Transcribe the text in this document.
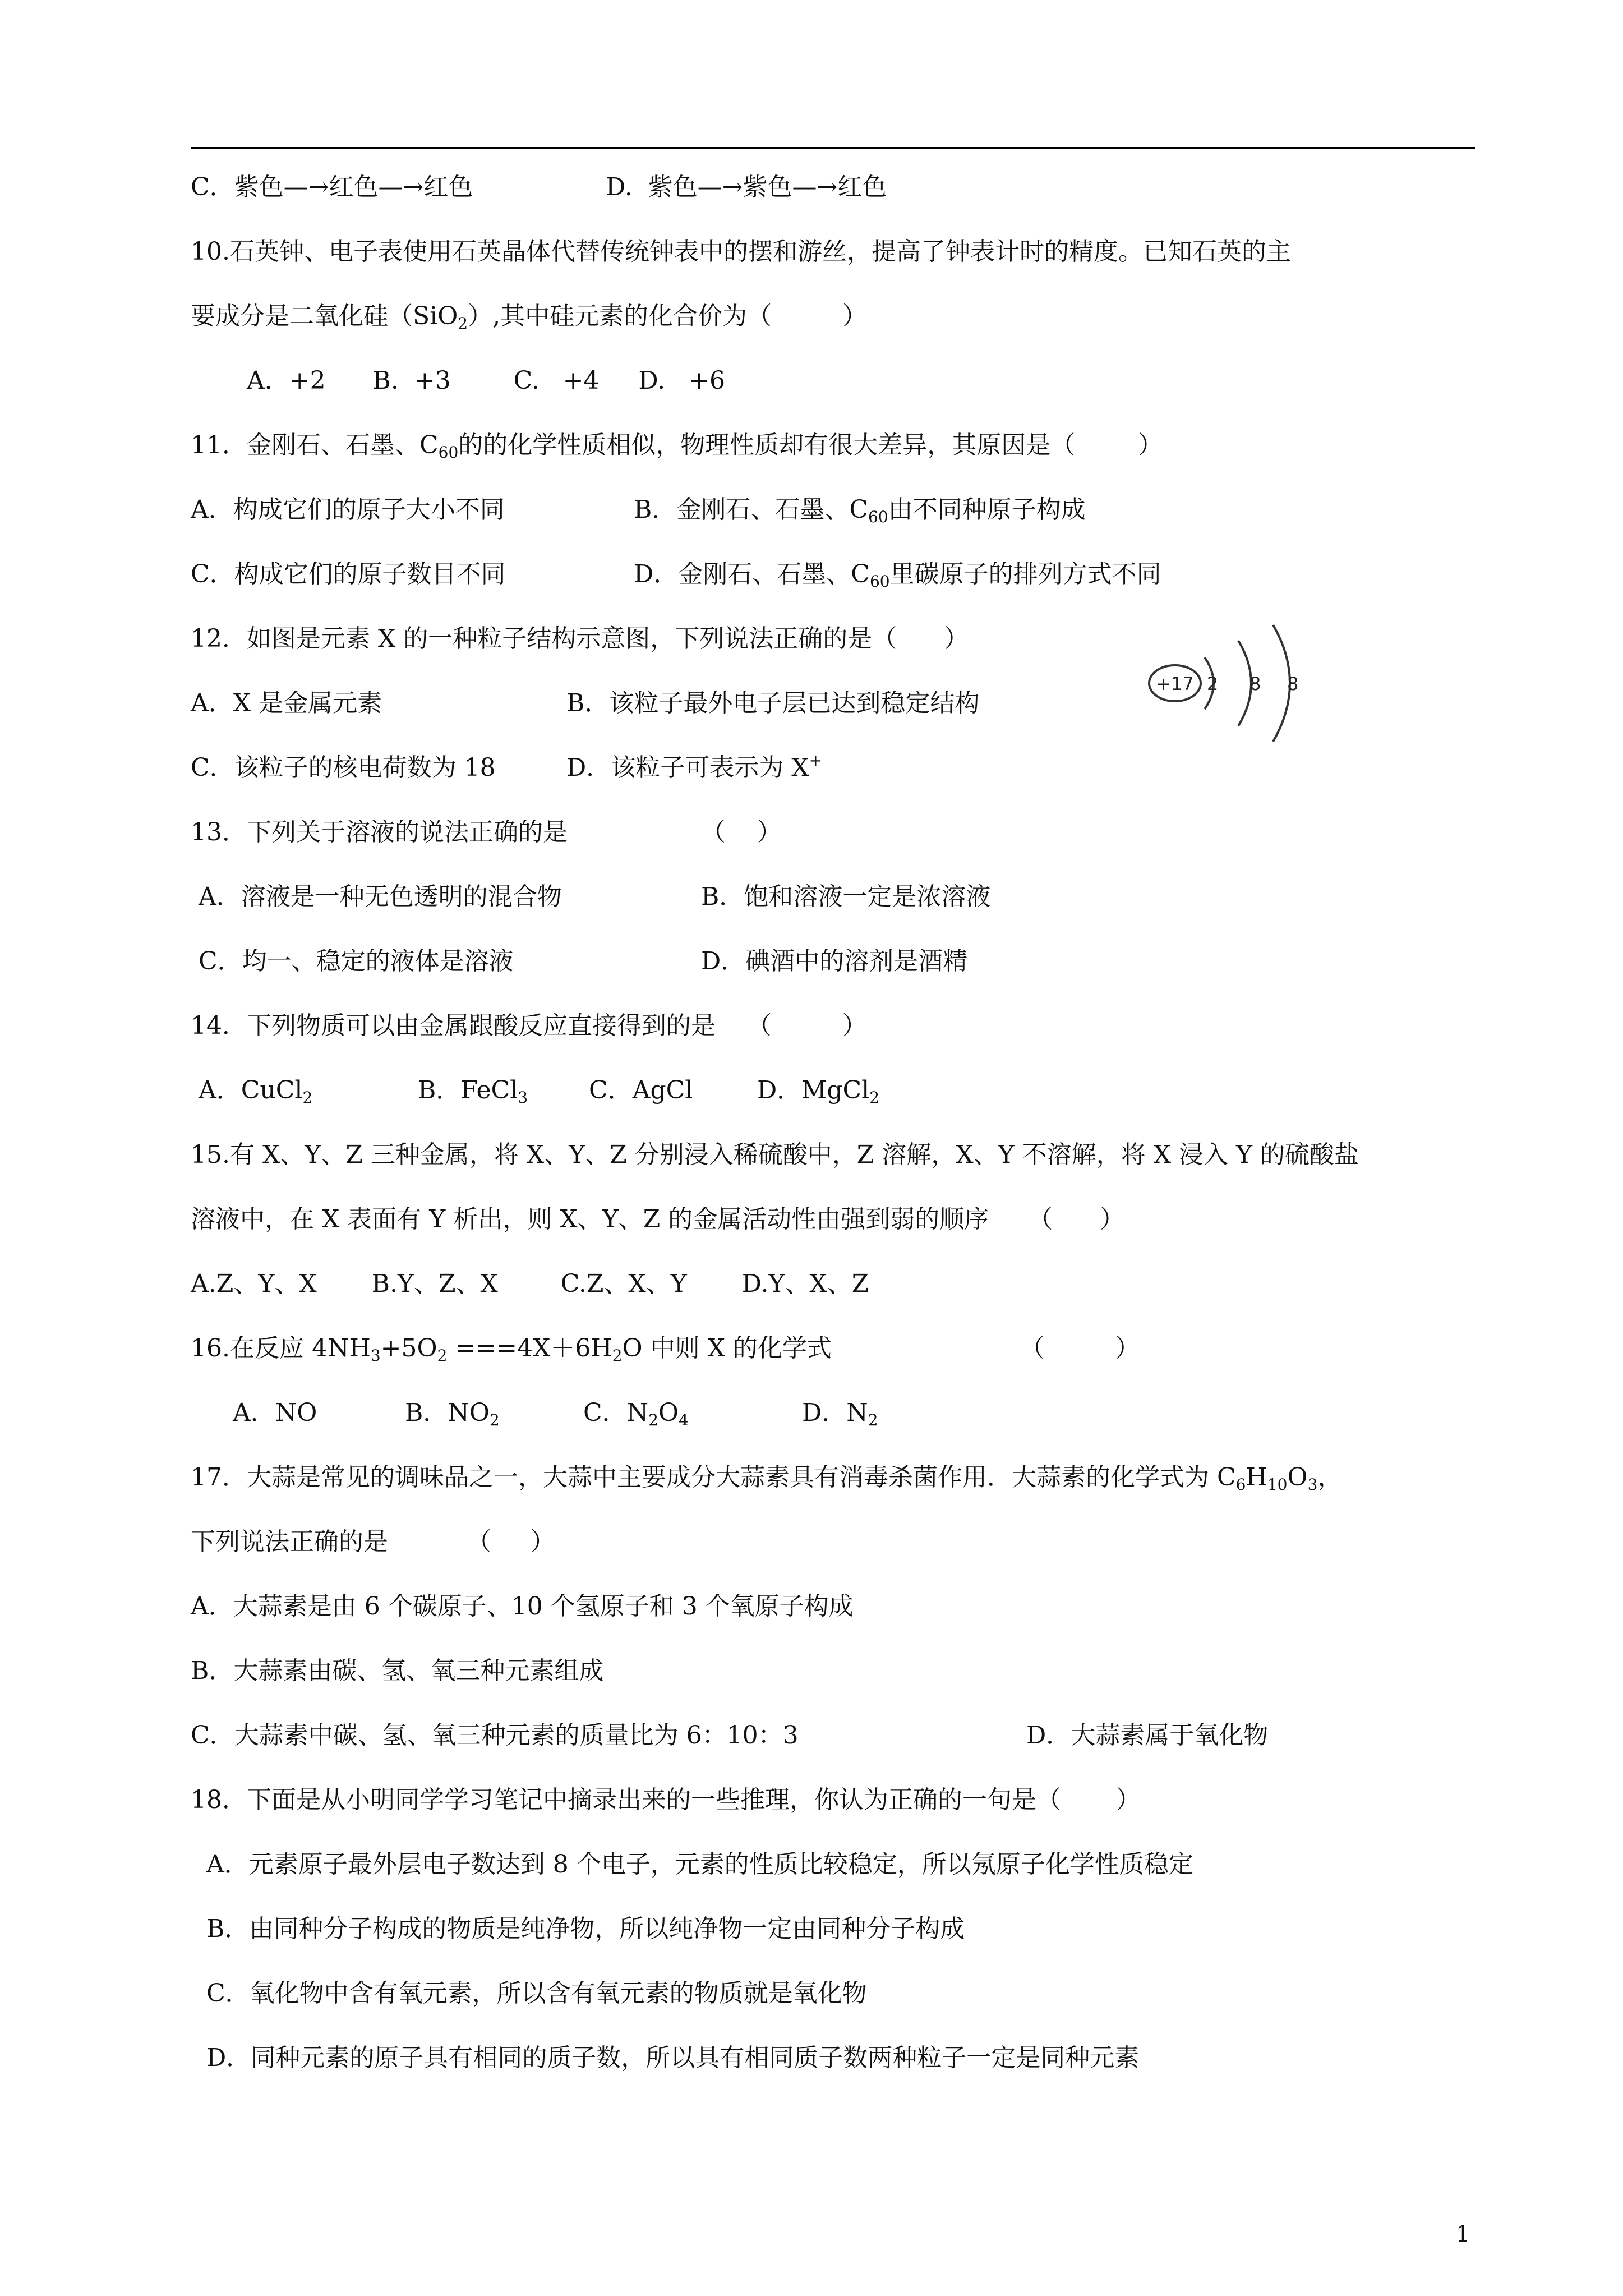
C．紫色—→红色—→红色

	D.  紫色—→紫色—→红色

10.石英钟、电子表使用石英晶体代替传统钟表中的摆和游丝，提高了钟表计时的精度。已知石英的主

要成分是二氧化硅（SiO$_2$）,其中硅元素的化合价为（         ）

A．+2      B.  +3        C.   +4     D.   +6

11．金刚石、石墨、$C_{60}$的的化学性质相似，物理性质却有很大差异，其原因是（        ）

A．构成它们的原子大小不同

	B．金刚石、石墨、$C_{60}$由不同种原子构成

C．构成它们的原子数目不同

	D．金刚石、石墨、$C_{60}$里碳原子的排列方式不同

12．如图是元素 X 的一种粒子结构示意图，下列说法正确的是（      ）

A．X 是金属元素

	B．该粒子最外电子层已达到稳定结构

C．该粒子的核电荷数为 18

	D．该粒子可表示为 X+

+17 2 8 8

13．下列关于溶液的说法正确的是                 （    ）

A．溶液是一种无色透明的混合物

	B．饱和溶液一定是浓溶液

C．均一、稳定的液体是溶液

	D．碘酒中的溶剂是酒精

14．下列物质可以由金属跟酸反应直接得到的是    （         ）

A．CuCl$_2$

	B．FeCl$_3$

C．AgCl

	D．MgCl$_2$

15.有 X、Y、Z 三种金属，将 X、Y、Z 分别浸入稀硫酸中，Z 溶解，X、Y 不溶解，将 X 浸入 Y 的硫酸盐

溶液中，在 X 表面有 Y 析出，则 X、Y、Z 的金属活动性由强到弱的顺序     （      ）

A.Z、Y、X       B.Y、Z、X        C.Z、X、Y       D.Y、X、Z

16.在反应 $4NH_3+5O_2 ===4X+6H_2O$ 中则 X 的化学式                        （         ）

A．NO

	B．$NO_2$

	C．$N_2O_4$

	D．$N_2$

17．大蒜是常见的调味品之一，大蒜中主要成分大蒜素具有消毒杀菌作用．大蒜素的化学式为 $C_6H_{10}O_3$，

下列说法正确的是          （     ）

A．大蒜素是由 6 个碳原子、10 个氢原子和 3 个氧原子构成

B．大蒜素由碳、氢、氧三种元素组成

C．大蒜素中碳、氢、氧三种元素的质量比为 6：10：3

	D．大蒜素属于氧化物

18．下面是从小明同学学习笔记中摘录出来的一些推理，你认为正确的一句是（       ）

A．元素原子最外层电子数达到 8 个电子，元素的性质比较稳定，所以氖原子化学性质稳定

B．由同种分子构成的物质是纯净物，所以纯净物一定由同种分子构成

C．氧化物中含有氧元素，所以含有氧元素的物质就是氧化物

D．同种元素的原子具有相同的质子数，所以具有相同质子数两种粒子一定是同种元素

1
